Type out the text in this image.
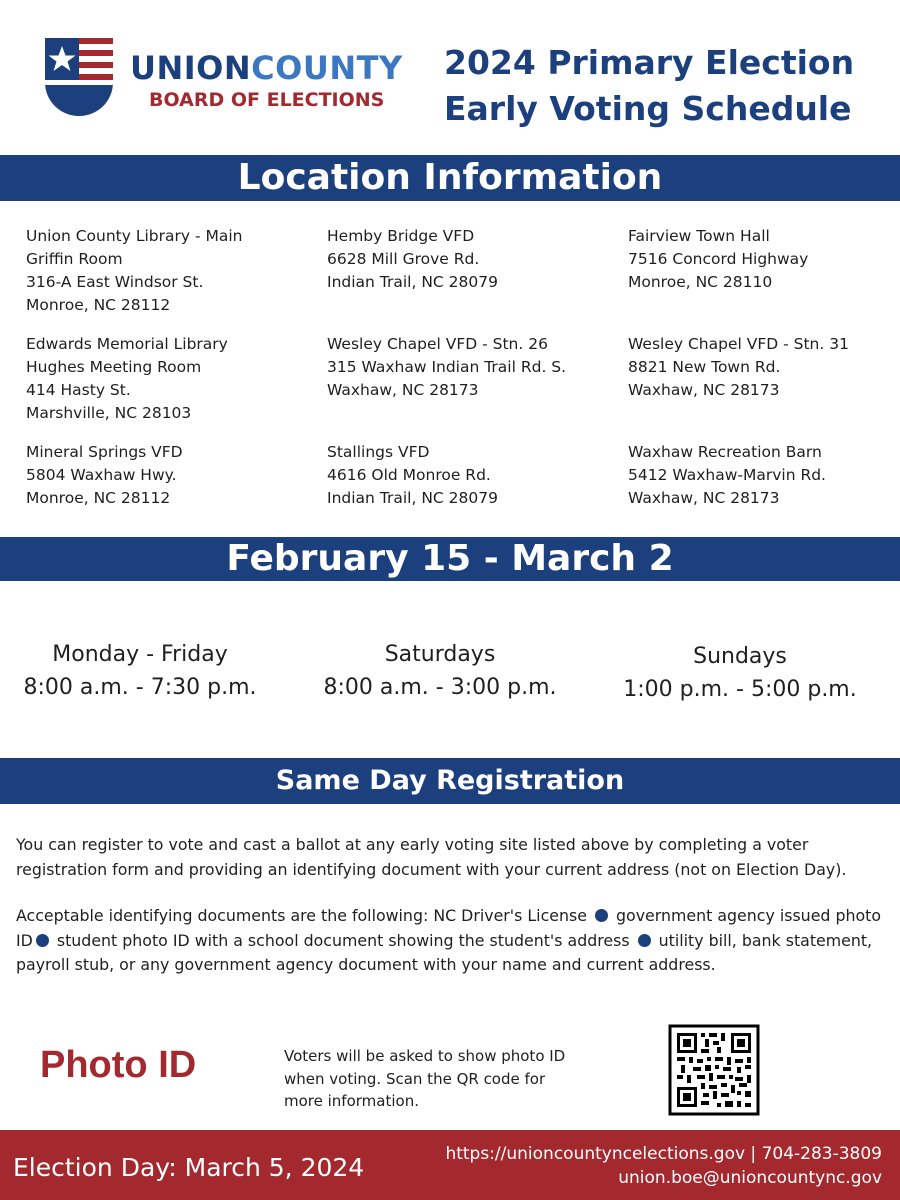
UNIONCOUNTY
BOARD OF ELECTIONS
2024 Primary Election
Early Voting Schedule
Location Information
Union County Library - Main
Griffin Room
316-A East Windsor St.
Monroe, NC 28112
Hemby Bridge VFD
6628 Mill Grove Rd.
Indian Trail, NC 28079
Fairview Town Hall
7516 Concord Highway
Monroe, NC 28110
Edwards Memorial Library
Hughes Meeting Room
414 Hasty St.
Marshville, NC 28103
Wesley Chapel VFD - Stn. 26
315 Waxhaw Indian Trail Rd. S.
Waxhaw, NC 28173
Wesley Chapel VFD - Stn. 31
8821 New Town Rd.
Waxhaw, NC 28173
Mineral Springs VFD
5804 Waxhaw Hwy.
Monroe, NC 28112
Stallings VFD
4616 Old Monroe Rd.
Indian Trail, NC 28079
Waxhaw Recreation Barn
5412 Waxhaw-Marvin Rd.
Waxhaw, NC 28173
February 15 - March 2
Monday - Friday
8:00 a.m. - 7:30 p.m.
Saturdays
8:00 a.m. - 3:00 p.m.
Sundays
1:00 p.m. - 5:00 p.m.
Same Day Registration
You can register to vote and cast a ballot at any early voting site listed above by completing a voter registration form and providing an identifying document with your current address (not on Election Day).
Acceptable identifying documents are the following: NC Driver's License government agency issued photo ID student photo ID with a school document showing the student's address utility bill, bank statement, payroll stub, or any government agency document with your name and current address.
Photo ID	Voters will be asked to show photo ID when voting. Scan the QR code for more information.
Election Day: March 5, 2024	https://unioncountyncelections.gov | 704-283-3809
union.boe@unioncountync.gov
